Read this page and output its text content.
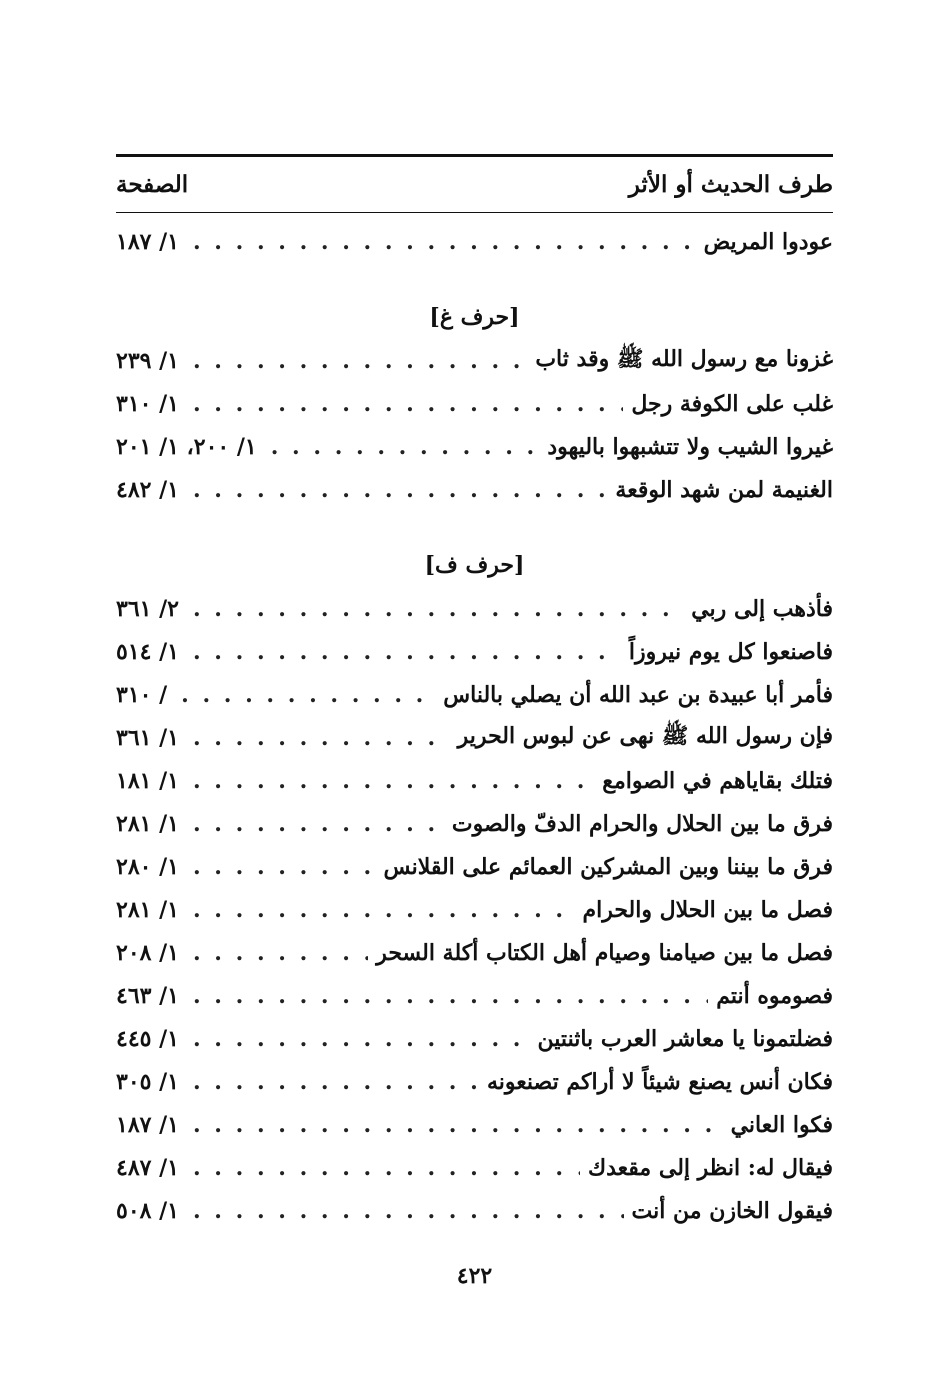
طرف الحديث أو الأثر
الصفحة
عودوا المريض
. . .
١/ ١٨٧
[حرف غ]
غزونا مع رسول الله ﷺ وقد ثاب
. . .
١/ ٢٣٩
غلب على الكوفة رجل
. . .
١/ ٣١٠
غيروا الشيب ولا تتشبهوا باليهود
. . .
١/ ٢٠٠، ١/ ٢٠١
الغنيمة لمن شهد الوقعة
. . .
١/ ٤٨٢
[حرف ف]
فأذهب إلى ربي
. . .
٢/ ٣٦١
فاصنعوا كل يوم نيروزاً
. . .
١/ ٥١٤
فأمر أبا عبيدة بن عبد الله أن يصلي بالناس
. . .
/ ٣١٠
فإن رسول الله ﷺ نهى عن لبوس الحرير
. . .
١/ ٣٦١
فتلك بقاياهم في الصوامع
. . .
١/ ١٨١
فرق ما بين الحلال والحرام الدفّ والصوت
. . .
١/ ٢٨١
فرق ما بيننا وبين المشركين العمائم على القلانس
. . .
١/ ٢٨٠
فصل ما بين الحلال والحرام
. . .
١/ ٢٨١
فصل ما بين صيامنا وصيام أهل الكتاب أكلة السحر
. . .
١/ ٢٠٨
فصوموه أنتم
. . .
١/ ٤٦٣
فضلتمونا يا معاشر العرب باثنتين
. . .
١/ ٤٤٥
فكان أنس يصنع شيئاً لا أراكم تصنعونه
. . .
١/ ٣٠٥
فكوا العاني
. . .
١/ ١٨٧
فيقال له: انظر إلى مقعدك
. . .
١/ ٤٨٧
فيقول الخازن من أنت
. . .
١/ ٥٠٨
٤٢٢
